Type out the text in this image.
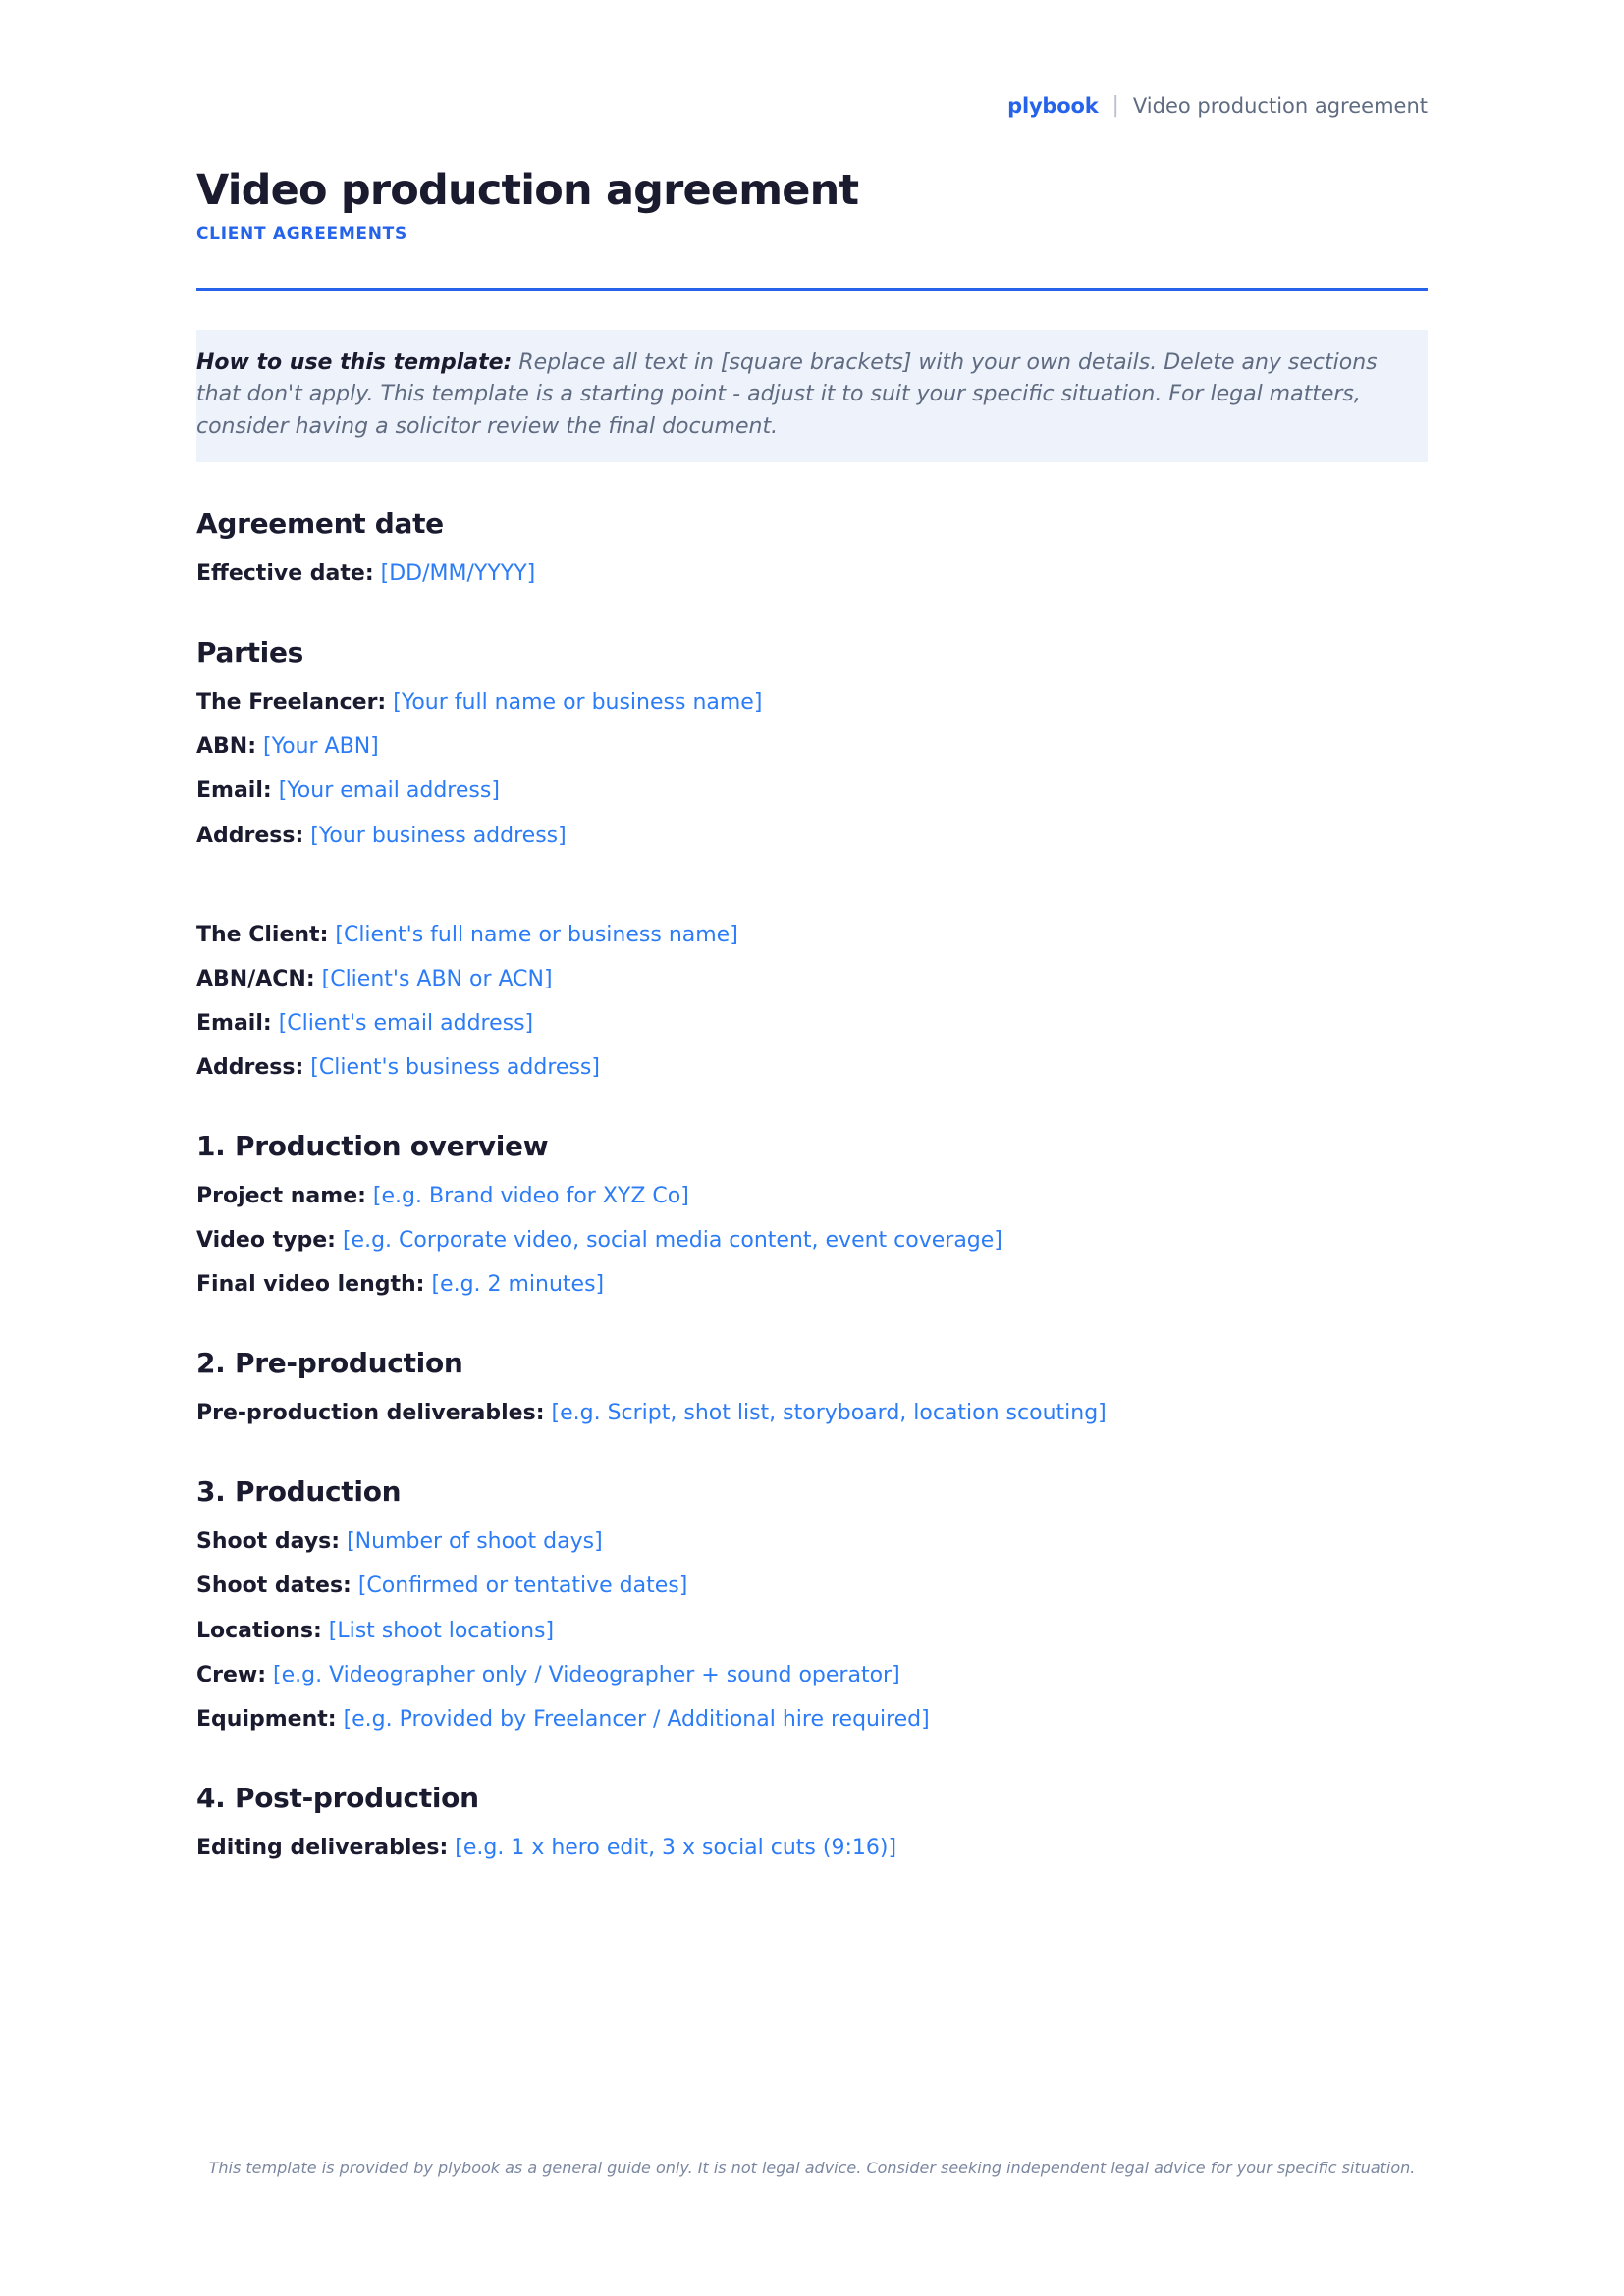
plybook | Video production agreement
Video production agreement

CLIENT AGREEMENTS

How to use this template: Replace all text in [square brackets] with your own details. Delete any sections that don't apply. This template is a starting point - adjust it to suit your specific situation. For legal matters, consider having a solicitor review the final document.

Agreement date

Effective date: [DD/MM/YYYY]

Parties

The Freelancer: [Your full name or business name]

ABN: [Your ABN]

Email: [Your email address]

Address: [Your business address]

The Client: [Client's full name or business name]

ABN/ACN: [Client's ABN or ACN]

Email: [Client's email address]

Address: [Client's business address]

1. Production overview

Project name: [e.g. Brand video for XYZ Co]

Video type: [e.g. Corporate video, social media content, event coverage]

Final video length: [e.g. 2 minutes]

2. Pre-production

Pre-production deliverables: [e.g. Script, shot list, storyboard, location scouting]

3. Production

Shoot days: [Number of shoot days]

Shoot dates: [Confirmed or tentative dates]

Locations: [List shoot locations]

Crew: [e.g. Videographer only / Videographer + sound operator]

Equipment: [e.g. Provided by Freelancer / Additional hire required]

4. Post-production

Editing deliverables: [e.g. 1 x hero edit, 3 x social cuts (9:16)]

This template is provided by plybook as a general guide only. It is not legal advice. Consider seeking independent legal advice for your specific situation.
